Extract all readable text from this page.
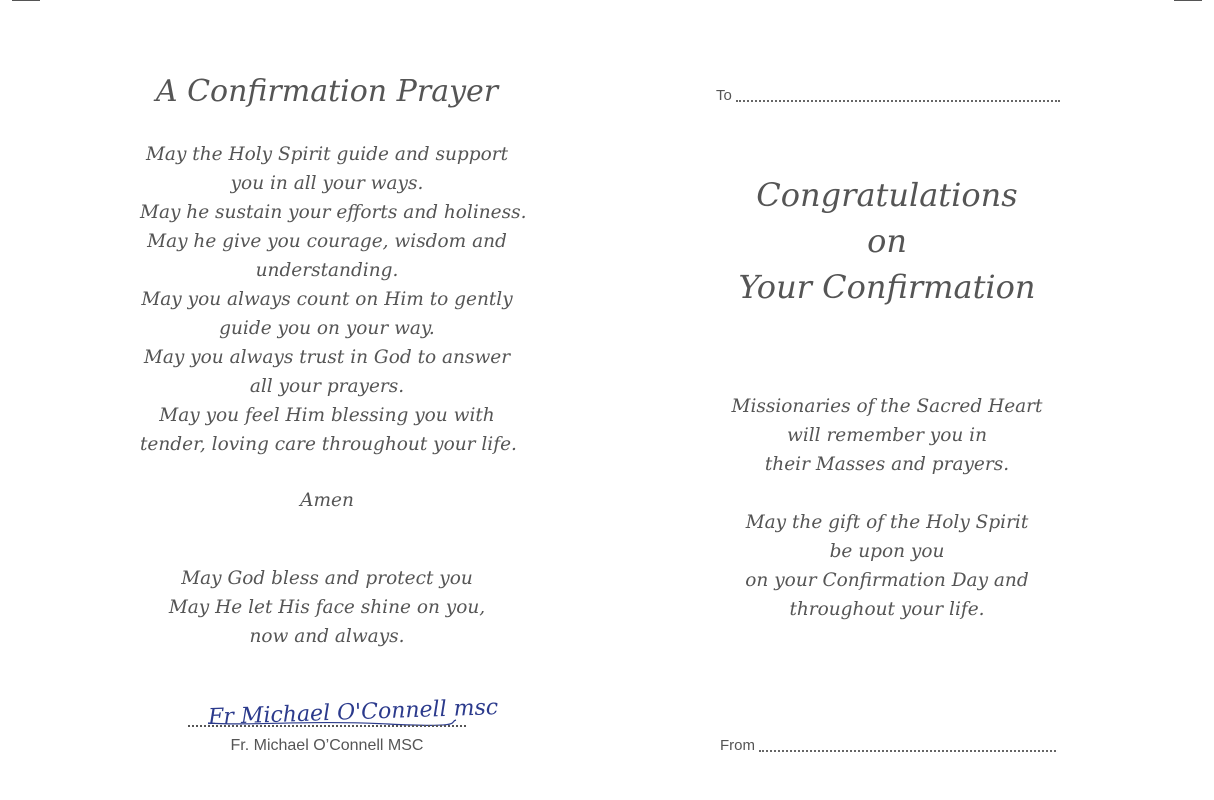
A Confirmation Prayer
May the Holy Spirit guide and support
you in all your ways.
May he sustain your efforts and holiness.
May he give you courage, wisdom and
understanding.
May you always count on Him to gently
guide you on your way.
May you always trust in God to answer
all your prayers.
May you feel Him blessing you with
tender, loving care throughout your life.
Amen
May God bless and protect you
May He let His face shine on you,
now and always.
Fr Michael O'Connell msc
Fr. Michael O’Connell MSC
To
Congratulations
on
Your Confirmation
Missionaries of the Sacred Heart
will remember you in
their Masses and prayers.
May the gift of the Holy Spirit
be upon you
on your Confirmation Day and
throughout your life.
From
